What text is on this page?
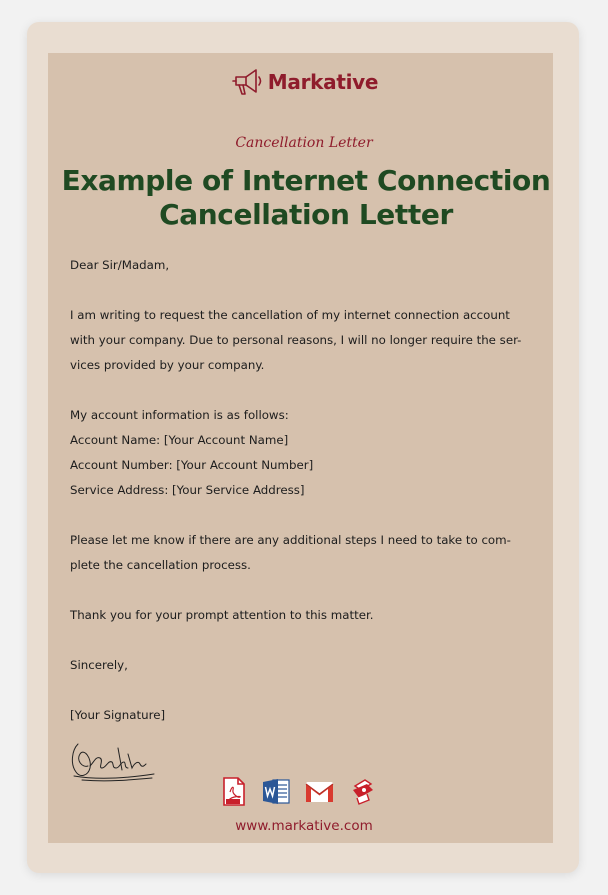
Markative
Cancellation Letter
Example of Internet Connection Cancellation Letter

Dear Sir/Madam,

I am writing to request the cancellation of my internet connection account

with your company. Due to personal reasons, I will no longer require the ser-

vices provided by your company.

My account information is as follows:

Account Name: [Your Account Name]

Account Number: [Your Account Number]

Service Address: [Your Service Address]

Please let me know if there are any additional steps I need to take to com-

plete the cancellation process.

Thank you for your prompt attention to this matter.

Sincerely,

[Your Signature]

www.markative.com
